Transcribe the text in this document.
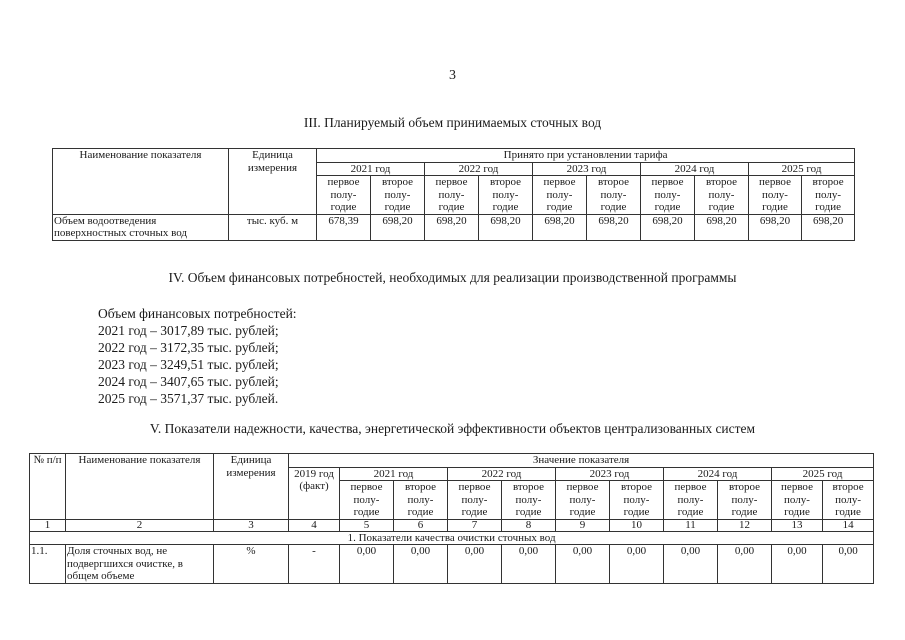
3
III. Планируемый объем принимаемых сточных вод
Наименование показателя	Единица измерения	Принято при установлении тарифа									
		2021 год		2022 год		2023 год		2024 год		2025 год	
		первое полу-годие	второе полу-годие	первое полу-годие	второе полу-годие	первое полу-годие	второе полу-годие	первое полу-годие	второе полу-годие	первое полу-годие	второе полу-годие
Объем водоотведения поверхностных сточных вод	тыс. куб. м	678,39	698,20	698,20	698,20	698,20	698,20	698,20	698,20	698,20	698,20
IV. Объем финансовых потребностей, необходимых для реализации производственной программы
Объем финансовых потребностей:
2021 год – 3017,89 тыс. рублей;
2022 год – 3172,35 тыс. рублей;
2023 год – 3249,51 тыс. рублей;
2024 год – 3407,65 тыс. рублей;
2025 год – 3571,37 тыс. рублей.
V. Показатели надежности, качества, энергетической эффективности объектов централизованных систем
№ п/п	Наименование показателя	Единица измерения	Значение показателя										
			2019 год (факт)	2021 год		2022 год		2023 год		2024 год		2025 год	
				первое полу-годие	второе полу-годие	первое полу-годие	второе полу-годие	первое полу-годие	второе полу-годие	первое полу-годие	второе полу-годие	первое полу-годие	второе полу-годие
1	2	3	4	5	6	7	8	9	10	11	12	13	14
1. Показатели качества очистки сточных вод													
1.1.	Доля сточных вод, не подвергшихся очистке, в общем объеме	%	-	0,00	0,00	0,00	0,00	0,00	0,00	0,00	0,00	0,00	0,00
